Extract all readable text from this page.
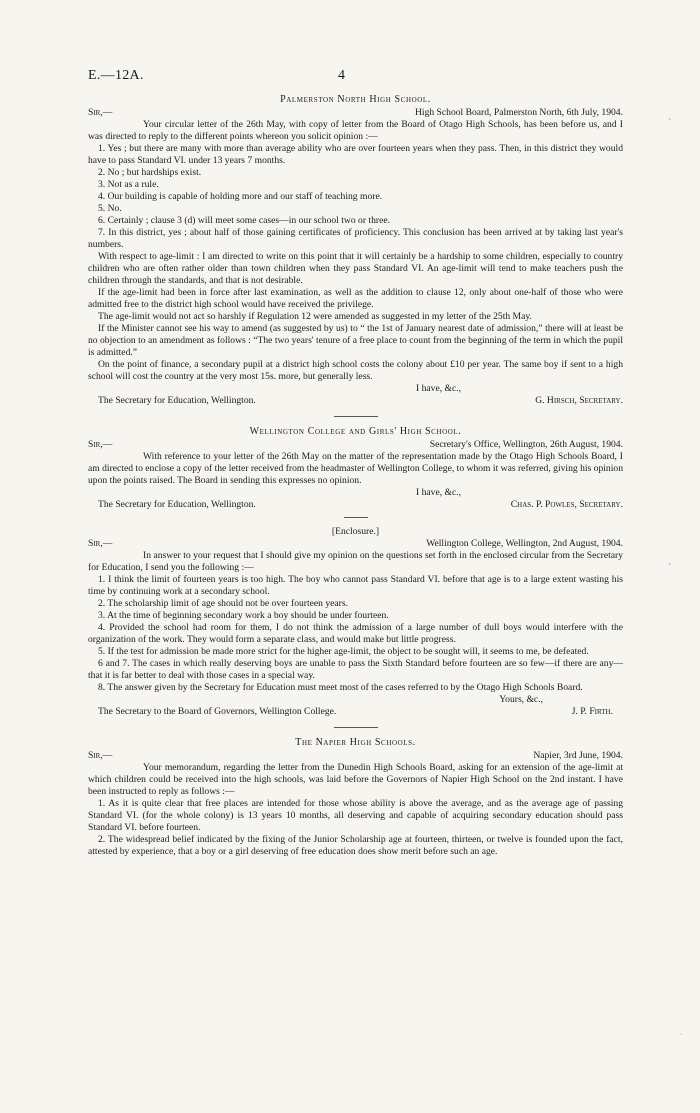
E.—12A.	4
Palmerston North High School.
Sir,—	High School Board, Palmerston North, 6th July, 1904.

Your circular letter of the 26th May, with copy of letter from the Board of Otago High Schools, has been before us, and I was directed to reply to the different points whereon you solicit opinion :—

1. Yes ; but there are many with more than average ability who are over fourteen years when they pass. Then, in this district they would have to pass Standard VI. under 13 years 7 months.

2. No ; but hardships exist.

3. Not as a rule.

4. Our building is capable of holding more and our staff of teaching more.

5. No.

6. Certainly ; clause 3 (d) will meet some cases—in our school two or three.

7. In this district, yes ; about half of those gaining certificates of proficiency. This conclusion has been arrived at by taking last year's numbers.

With respect to age-limit : I am directed to write on this point that it will certainly be a hardship to some children, especially to country children who are often rather older than town children when they pass Standard VI. An age-limit will tend to make teachers push the children through the standards, and that is not desirable.

If the age-limit had been in force after last examination, as well as the addition to clause 12, only about one-half of those who were admitted free to the district high school would have received the privilege.

The age-limit would not act so harshly if Regulation 12 were amended as suggested in my letter of the 25th May.

If the Minister cannot see his way to amend (as suggested by us) to “ the 1st of January nearest date of admission,” there will at least be no objection to an amendment as follows : “The two years' tenure of a free place to count from the beginning of the term in which the pupil is admitted.”

On the point of finance, a secondary pupil at a district high school costs the colony about £10 per year. The same boy if sent to a high school will cost the country at the very most 15s. more, but generally less.

I have, &c.,
The Secretary for Education, Wellington.	G. Hirsch, Secretary.
Wellington College and Girls' High School.
Sir,—	Secretary's Office, Wellington, 26th August, 1904.

With reference to your letter of the 26th May on the matter of the representation made by the Otago High Schools Board, I am directed to enclose a copy of the letter received from the headmaster of Wellington College, to whom it was referred, giving his opinion upon the points raised. The Board in sending this expresses no opinion.

I have, &c.,
The Secretary for Education, Wellington.	Chas. P. Powles, Secretary.
[Enclosure.]
Sir,—	Wellington College, Wellington, 2nd August, 1904.

In answer to your request that I should give my opinion on the questions set forth in the enclosed circular from the Secretary for Education, I send you the following :—

1. I think the limit of fourteen years is too high. The boy who cannot pass Standard VI. before that age is to a large extent wasting his time by continuing work at a secondary school.

2. The scholarship limit of age should not be over fourteen years.

3. At the time of beginning secondary work a boy should be under fourteen.

4. Provided the school had room for them, I do not think the admission of a large number of dull boys would interfere with the organization of the work. They would form a separate class, and would make but little progress.

5. If the test for admission be made more strict for the higher age-limit, the object to be sought will, it seems to me, be defeated.

6 and 7. The cases in which really deserving boys are unable to pass the Sixth Standard before fourteen are so few—if there are any—that it is far better to deal with those cases in a special way.

8. The answer given by the Secretary for Education must meet most of the cases referred to by the Otago High Schools Board.

Yours, &c.,
The Secretary to the Board of Governors, Wellington College.	J. P. Firth.
The Napier High Schools.
Sir,—	Napier, 3rd June, 1904.

Your memorandum, regarding the letter from the Dunedin High Schools Board, asking for an extension of the age-limit at which children could be received into the high schools, was laid before the Governors of Napier High School on the 2nd instant. I have been instructed to reply as follows :—

1. As it is quite clear that free places are intended for those whose ability is above the average, and as the average age of passing Standard VI. (for the whole colony) is 13 years 10 months, all deserving and capable of acquiring secondary education should pass Standard VI. before fourteen.

2. The widespread belief indicated by the fixing of the Junior Scholarship age at fourteen, thirteen, or twelve is founded upon the fact, attested by experience, that a boy or a girl deserving of free education does show merit before such an age.

`
`
·
